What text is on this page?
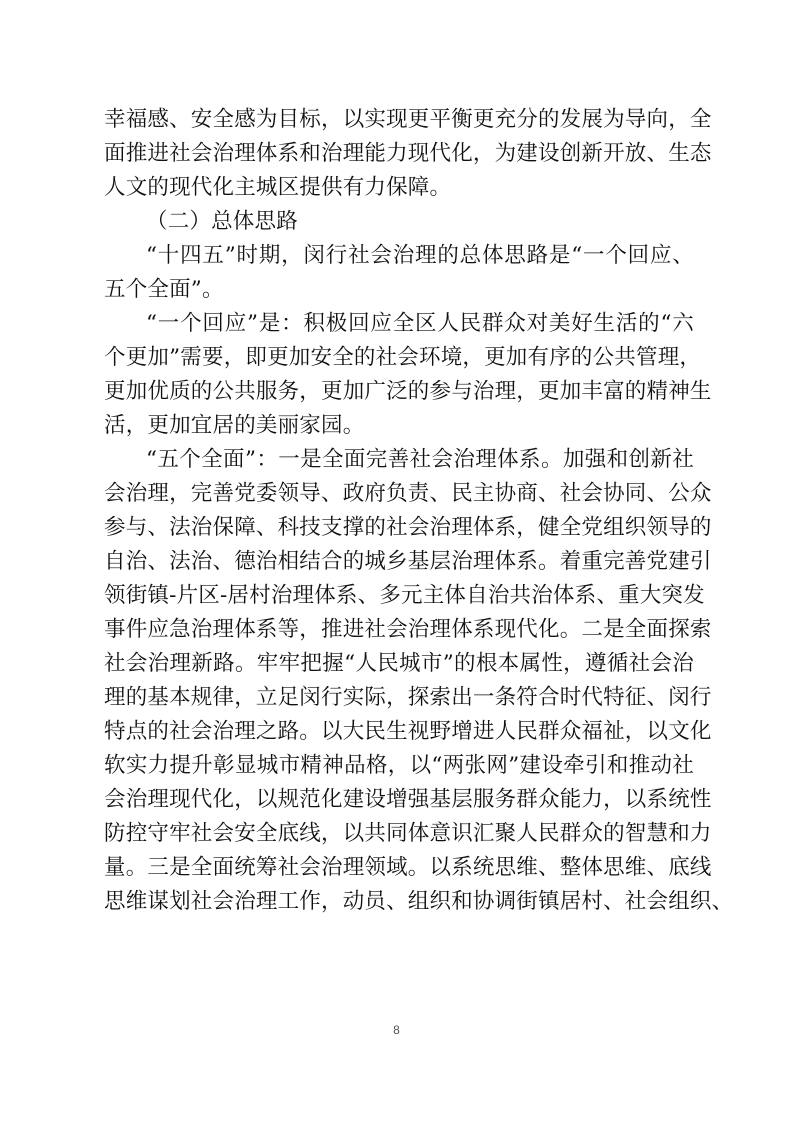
幸福感、安全感为目标，以实现更平衡更充分的发展为导向，全
面推进社会治理体系和治理能力现代化，为建设创新开放、生态
人文的现代化主城区提供有力保障。
（二）总体思路
“十四五”时期，闵行社会治理的总体思路是“一个回应、
五个全面”。
“一个回应”是：积极回应全区人民群众对美好生活的“六
个更加”需要，即更加安全的社会环境，更加有序的公共管理，
更加优质的公共服务，更加广泛的参与治理，更加丰富的精神生
活，更加宜居的美丽家园。
“五个全面”：一是全面完善社会治理体系。加强和创新社
会治理，完善党委领导、政府负责、民主协商、社会协同、公众
参与、法治保障、科技支撑的社会治理体系，健全党组织领导的
自治、法治、德治相结合的城乡基层治理体系。着重完善党建引
领街镇-片区-居村治理体系、多元主体自治共治体系、重大突发
事件应急治理体系等，推进社会治理体系现代化。二是全面探索
社会治理新路。牢牢把握“人民城市”的根本属性，遵循社会治
理的基本规律，立足闵行实际，探索出一条符合时代特征、闵行
特点的社会治理之路。以大民生视野增进人民群众福祉，以文化
软实力提升彰显城市精神品格，以“两张网”建设牵引和推动社
会治理现代化，以规范化建设增强基层服务群众能力，以系统性
防控守牢社会安全底线，以共同体意识汇聚人民群众的智慧和力
量。三是全面统筹社会治理领域。以系统思维、整体思维、底线
思维谋划社会治理工作，动员、组织和协调街镇居村、社会组织、
8
